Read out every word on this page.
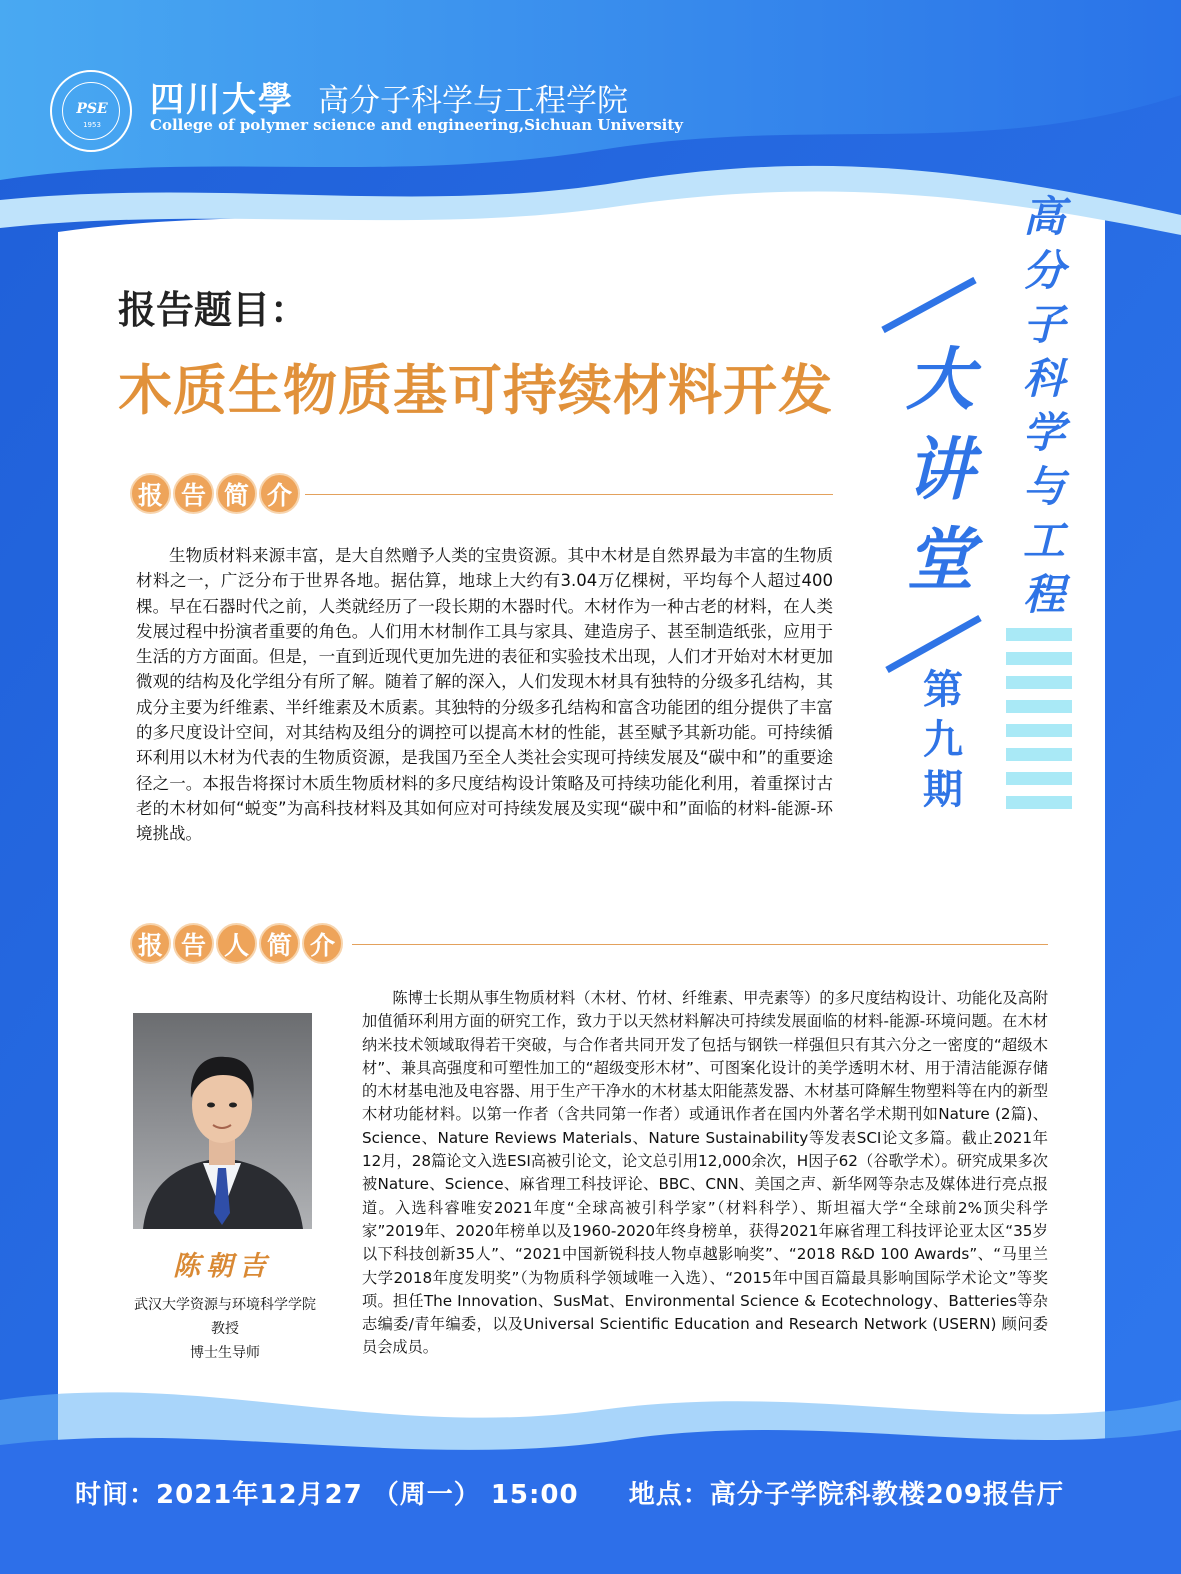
PSE
1953
四川大學 高分子科学与工程学院
College of polymer science and engineering,Sichuan University
高分子科学与工程
大讲堂
第九期
报告题目：
木质生物质基可持续材料开发
报 告 简 介
生物质材料来源丰富，是大自然赠予人类的宝贵资源。其中木材是自然界最为丰富的生物质材料之一，广泛分布于世界各地。据估算，地球上大约有3.04万亿棵树，平均每个人超过400棵。早在石器时代之前，人类就经历了一段长期的木器时代。木材作为一种古老的材料，在人类发展过程中扮演者重要的角色。人们用木材制作工具与家具、建造房子、甚至制造纸张，应用于生活的方方面面。但是，一直到近现代更加先进的表征和实验技术出现，人们才开始对木材更加微观的结构及化学组分有所了解。随着了解的深入，人们发现木材具有独特的分级多孔结构，其成分主要为纤维素、半纤维素及木质素。其独特的分级多孔结构和富含功能团的组分提供了丰富的多尺度设计空间，对其结构及组分的调控可以提高木材的性能，甚至赋予其新功能。可持续循环利用以木材为代表的生物质资源，是我国乃至全人类社会实现可持续发展及“碳中和”的重要途径之一。本报告将探讨木质生物质材料的多尺度结构设计策略及可持续功能化利用，着重探讨古老的木材如何“蜕变”为高科技材料及其如何应对可持续发展及实现“碳中和”面临的材料-能源-环境挑战。
报 告 人 简 介
陈朝吉
武汉大学资源与环境科学学院
教授
博士生导师
陈博士长期从事生物质材料（木材、竹材、纤维素、甲壳素等）的多尺度结构设计、功能化及高附加值循环利用方面的研究工作，致力于以天然材料解决可持续发展面临的材料-能源-环境问题。在木材纳米技术领域取得若干突破，与合作者共同开发了包括与钢铁一样强但只有其六分之一密度的“超级木材”、兼具高强度和可塑性加工的“超级变形木材”、可图案化设计的美学透明木材、用于清洁能源存储的木材基电池及电容器、用于生产干净水的木材基太阳能蒸发器、木材基可降解生物塑料等在内的新型木材功能材料。以第一作者（含共同第一作者）或通讯作者在国内外著名学术期刊如Nature (2篇)、Science、Nature Reviews Materials、Nature Sustainability等发表SCI论文多篇。截止2021年12月，28篇论文入选ESI高被引论文，论文总引用12,000余次，H因子62（谷歌学术）。研究成果多次被Nature、Science、麻省理工科技评论、BBC、CNN、美国之声、新华网等杂志及媒体进行亮点报道。入选科睿唯安2021年度“全球高被引科学家”（材料科学）、斯坦福大学“全球前2%顶尖科学家”2019年、2020年榜单以及1960-2020年终身榜单，获得2021年麻省理工科技评论亚太区“35岁以下科技创新35人”、“2021中国新锐科技人物卓越影响奖”、“2018 R&D 100 Awards”、“马里兰大学2018年度发明奖”（为物质科学领域唯一入选）、“2015年中国百篇最具影响国际学术论文”等奖项。担任The Innovation、SusMat、Environmental Science & Ecotechnology、Batteries等杂志编委/青年编委，以及Universal Scientific Education and Research Network (USERN) 顾问委员会成员。
时间：2021年12月27 （周一） 15:00 地点：高分子学院科教楼209报告厅
